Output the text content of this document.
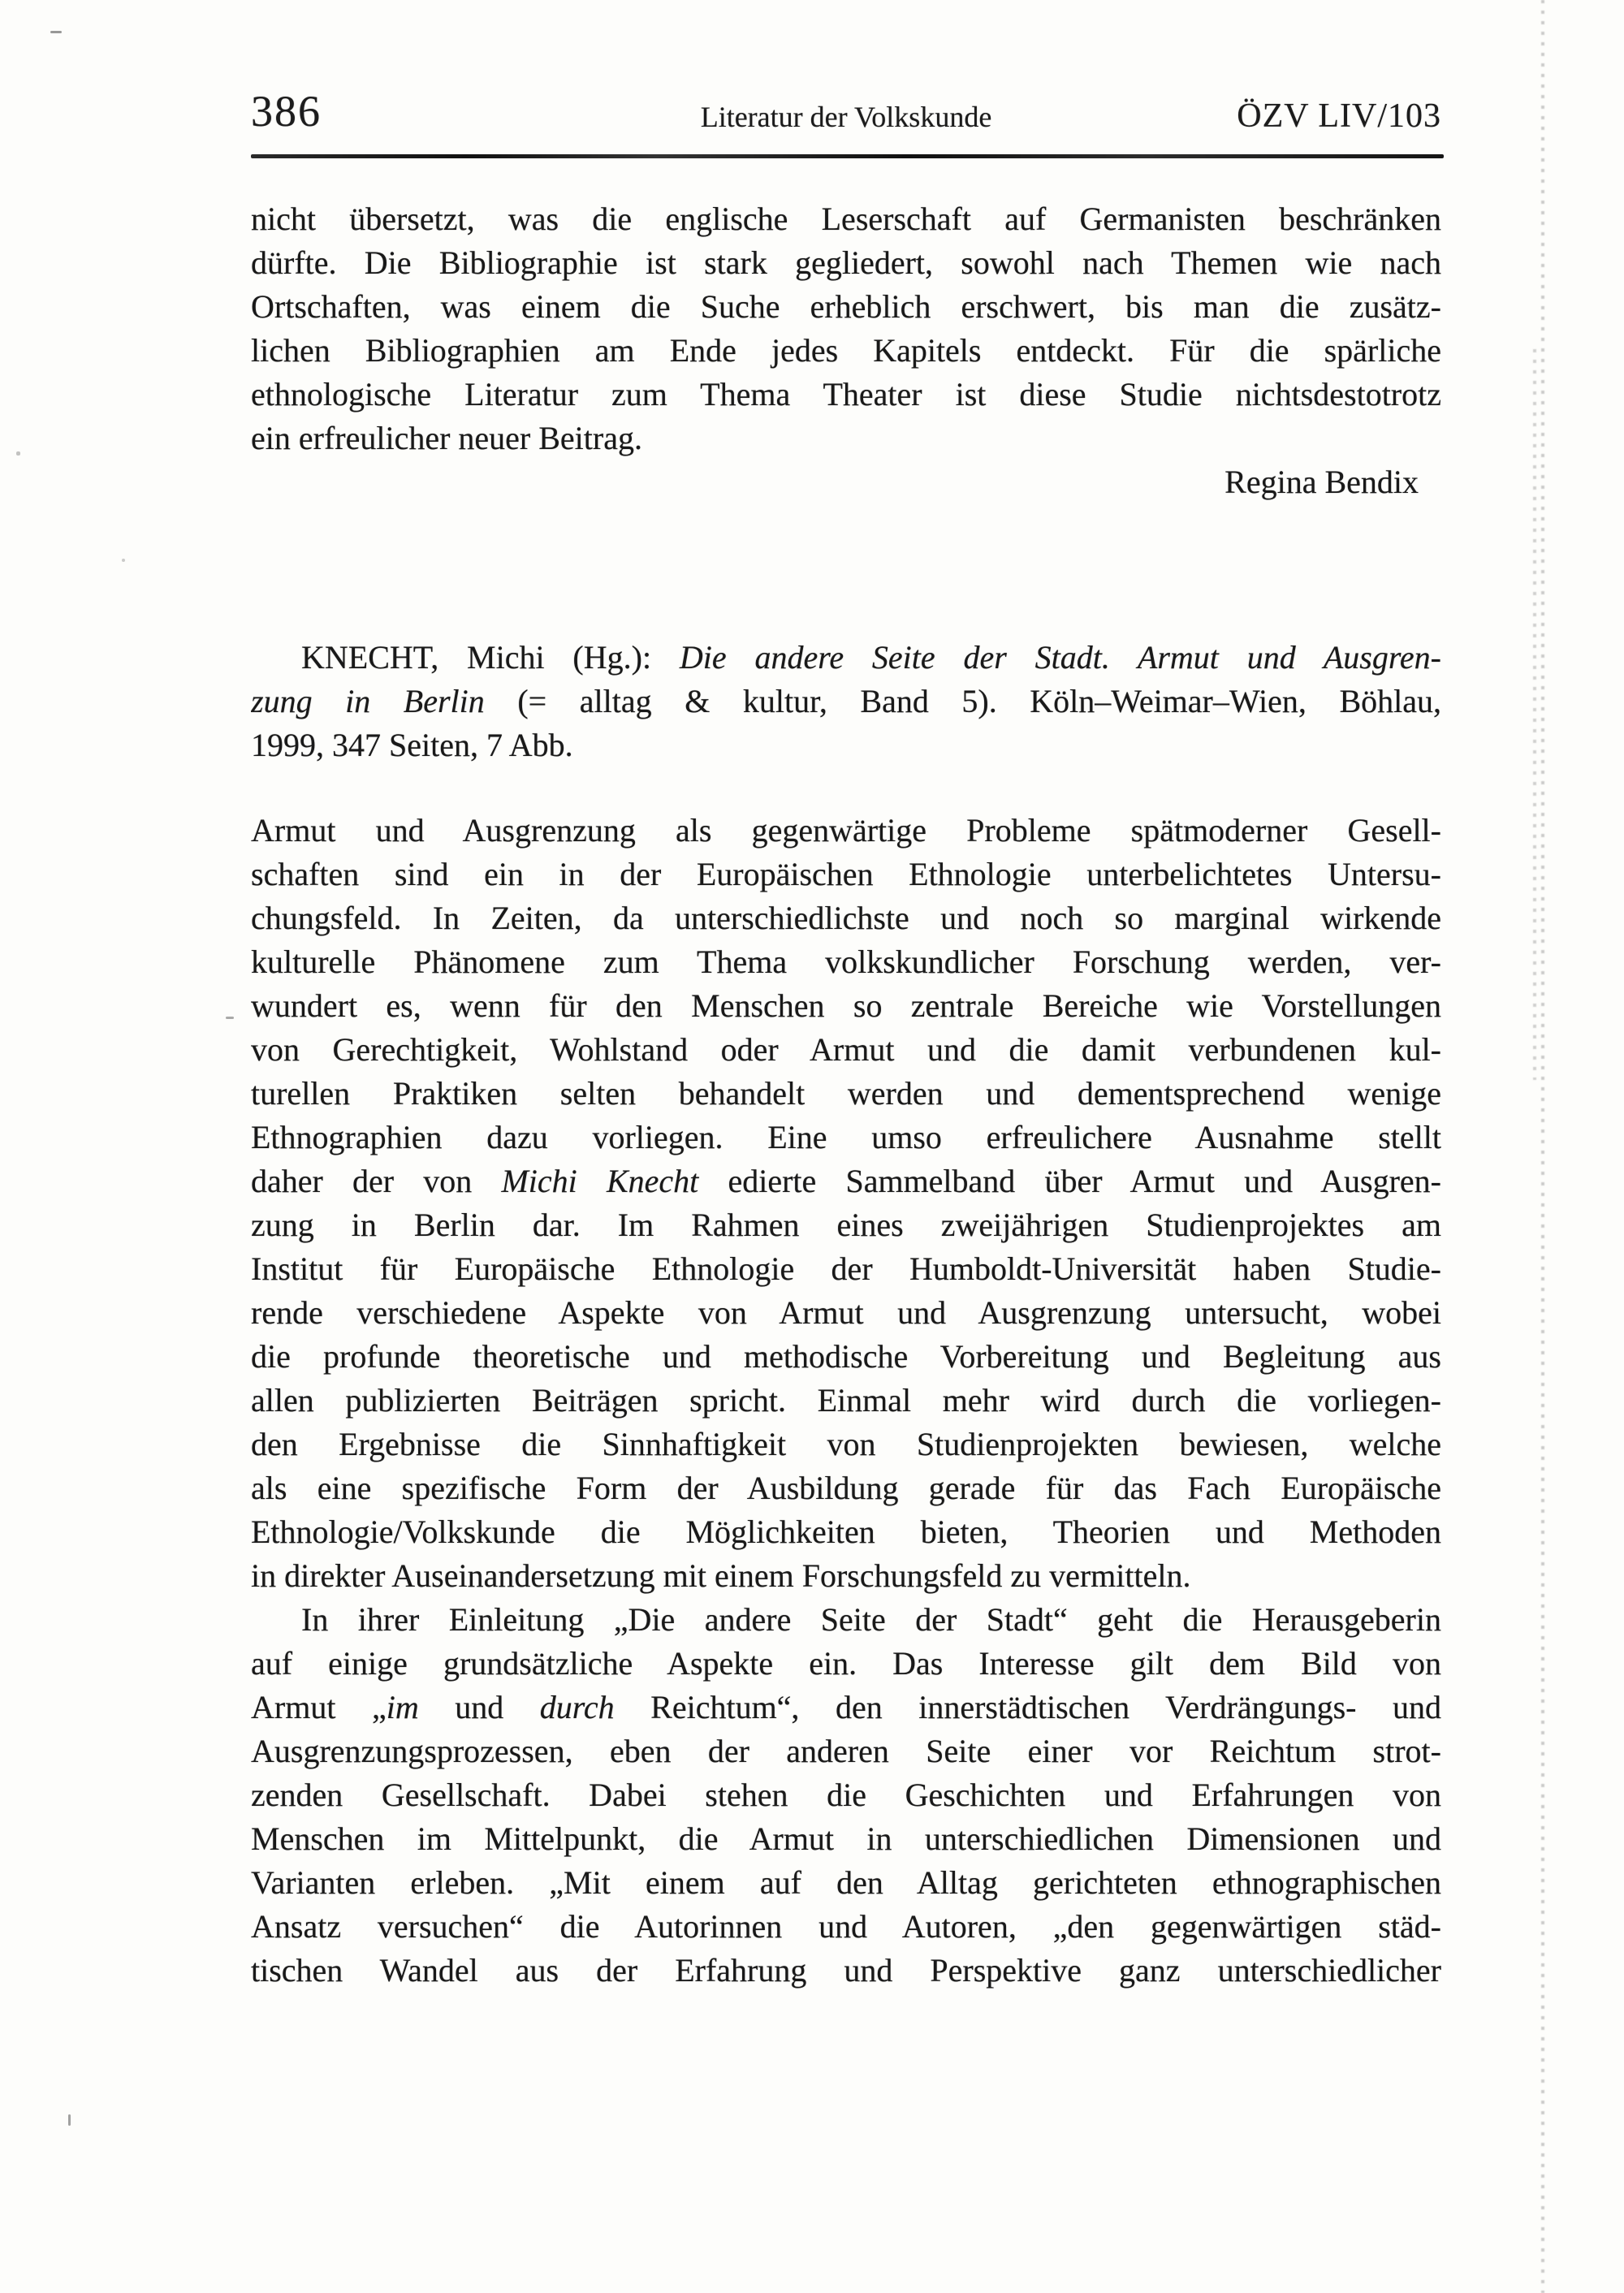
386	Literatur der Volkskunde	ÖZV LIV/103
nicht übersetzt, was die englische Leserschaft auf Germanisten beschränken
dürfte. Die Bibliographie ist stark gegliedert, sowohl nach Themen wie nach
Ortschaften, was einem die Suche erheblich erschwert, bis man die zusätz-
lichen Bibliographien am Ende jedes Kapitels entdeckt. Für die spärliche
ethnologische Literatur zum Thema Theater ist diese Studie nichtsdestotrotz
ein erfreulicher neuer Beitrag.
Regina Bendix
KNECHT, Michi (Hg.): Die andere Seite der Stadt. Armut und Ausgren-
zung in Berlin (= alltag & kultur, Band 5). Köln–Weimar–Wien, Böhlau,
1999, 347 Seiten, 7 Abb.
Armut und Ausgrenzung als gegenwärtige Probleme spätmoderner Gesell-
schaften sind ein in der Europäischen Ethnologie unterbelichtetes Untersu-
chungsfeld. In Zeiten, da unterschiedlichste und noch so marginal wirkende
kulturelle Phänomene zum Thema volkskundlicher Forschung werden, ver-
wundert es, wenn für den Menschen so zentrale Bereiche wie Vorstellungen
von Gerechtigkeit, Wohlstand oder Armut und die damit verbundenen kul-
turellen Praktiken selten behandelt werden und dementsprechend wenige
Ethnographien dazu vorliegen. Eine umso erfreulichere Ausnahme stellt
daher der von Michi Knecht edierte Sammelband über Armut und Ausgren-
zung in Berlin dar. Im Rahmen eines zweijährigen Studienprojektes am
Institut für Europäische Ethnologie der Humboldt-Universität haben Studie-
rende verschiedene Aspekte von Armut und Ausgrenzung untersucht, wobei
die profunde theoretische und methodische Vorbereitung und Begleitung aus
allen publizierten Beiträgen spricht. Einmal mehr wird durch die vorliegen-
den Ergebnisse die Sinnhaftigkeit von Studienprojekten bewiesen, welche
als eine spezifische Form der Ausbildung gerade für das Fach Europäische
Ethnologie/Volkskunde die Möglichkeiten bieten, Theorien und Methoden
in direkter Auseinandersetzung mit einem Forschungsfeld zu vermitteln.
In ihrer Einleitung „Die andere Seite der Stadt“ geht die Herausgeberin
auf einige grundsätzliche Aspekte ein. Das Interesse gilt dem Bild von
Armut „im und durch Reichtum“, den innerstädtischen Verdrängungs- und
Ausgrenzungsprozessen, eben der anderen Seite einer vor Reichtum strot-
zenden Gesellschaft. Dabei stehen die Geschichten und Erfahrungen von
Menschen im Mittelpunkt, die Armut in unterschiedlichen Dimensionen und
Varianten erleben. „Mit einem auf den Alltag gerichteten ethnographischen
Ansatz versuchen“ die Autorinnen und Autoren, „den gegenwärtigen städ-
tischen Wandel aus der Erfahrung und Perspektive ganz unterschiedlicher
